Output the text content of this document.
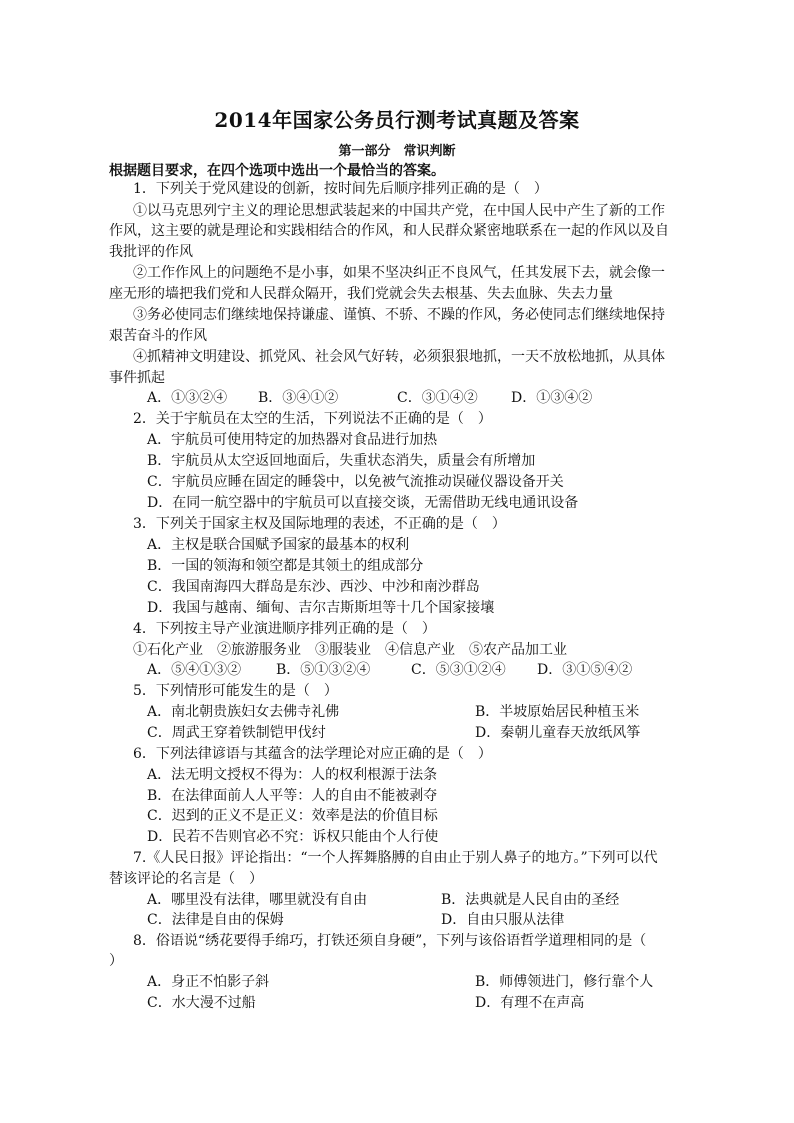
2014年国家公务员行测考试真题及答案
第一部分　常识判断
根据题目要求，在四个选项中选出一个最恰当的答案。
1．下列关于党风建设的创新，按时间先后顺序排列正确的是（　）
①以马克思列宁主义的理论思想武装起来的中国共产党，在中国人民中产生了新的工作
作风，这主要的就是理论和实践相结合的作风，和人民群众紧密地联系在一起的作风以及自
我批评的作风
②工作作风上的问题绝不是小事，如果不坚决纠正不良风气，任其发展下去，就会像一
座无形的墙把我们党和人民群众隔开，我们党就会失去根基、失去血脉、失去力量
③务必使同志们继续地保持谦虚、谨慎、不骄、不躁的作风，务必使同志们继续地保持
艰苦奋斗的作风
④抓精神文明建设、抓党风、社会风气好转，必须狠狠地抓，一天不放松地抓，从具体
事件抓起
A．①③②④ B．③④①②	C．③①④② D．①③④②
2．关于宇航员在太空的生活，下列说法不正确的是（　）
A．宇航员可使用特定的加热器对食品进行加热
B．宇航员从太空返回地面后，失重状态消失，质量会有所增加
C．宇航员应睡在固定的睡袋中，以免被气流推动误碰仪器设备开关
D．在同一航空器中的宇航员可以直接交谈，无需借助无线电通讯设备
3．下列关于国家主权及国际地理的表述，不正确的是（　）
A．主权是联合国赋予国家的最基本的权利
B．一国的领海和领空都是其领土的组成部分
C．我国南海四大群岛是东沙、西沙、中沙和南沙群岛
D．我国与越南、缅甸、吉尔吉斯斯坦等十几个国家接壤
4．下列按主导产业演进顺序排列正确的是（　）
①石化产业　②旅游服务业　③服装业　④信息产业　⑤农产品加工业
A．⑤④①③② B．⑤①③②④	C．⑤③①②④ D．③①⑤④②
5．下列情形可能发生的是（　）
A．南北朝贵族妇女去佛寺礼佛	B．半坡原始居民种植玉米
C．周武王穿着铁制铠甲伐纣	D．秦朝儿童春天放纸风筝
6．下列法律谚语与其蕴含的法学理论对应正确的是（　）
A．法无明文授权不得为：人的权利根源于法条
B．在法律面前人人平等：人的自由不能被剥夺
C．迟到的正义不是正义：效率是法的价值目标
D．民若不告则官必不究：诉权只能由个人行使
7.《人民日报》评论指出：“一个人挥舞胳膊的自由止于别人鼻子的地方。”下列可以代
替该评论的名言是（　）
A．哪里没有法律，哪里就没有自由	B．法典就是人民自由的圣经
C．法律是自由的保姆	D．自由只服从法律
8．俗语说“绣花要得手绵巧，打铁还须自身硬”，下列与该俗语哲学道理相同的是（
）
A．身正不怕影子斜	B．师傅领进门，修行靠个人
C．水大漫不过船	D．有理不在声高
